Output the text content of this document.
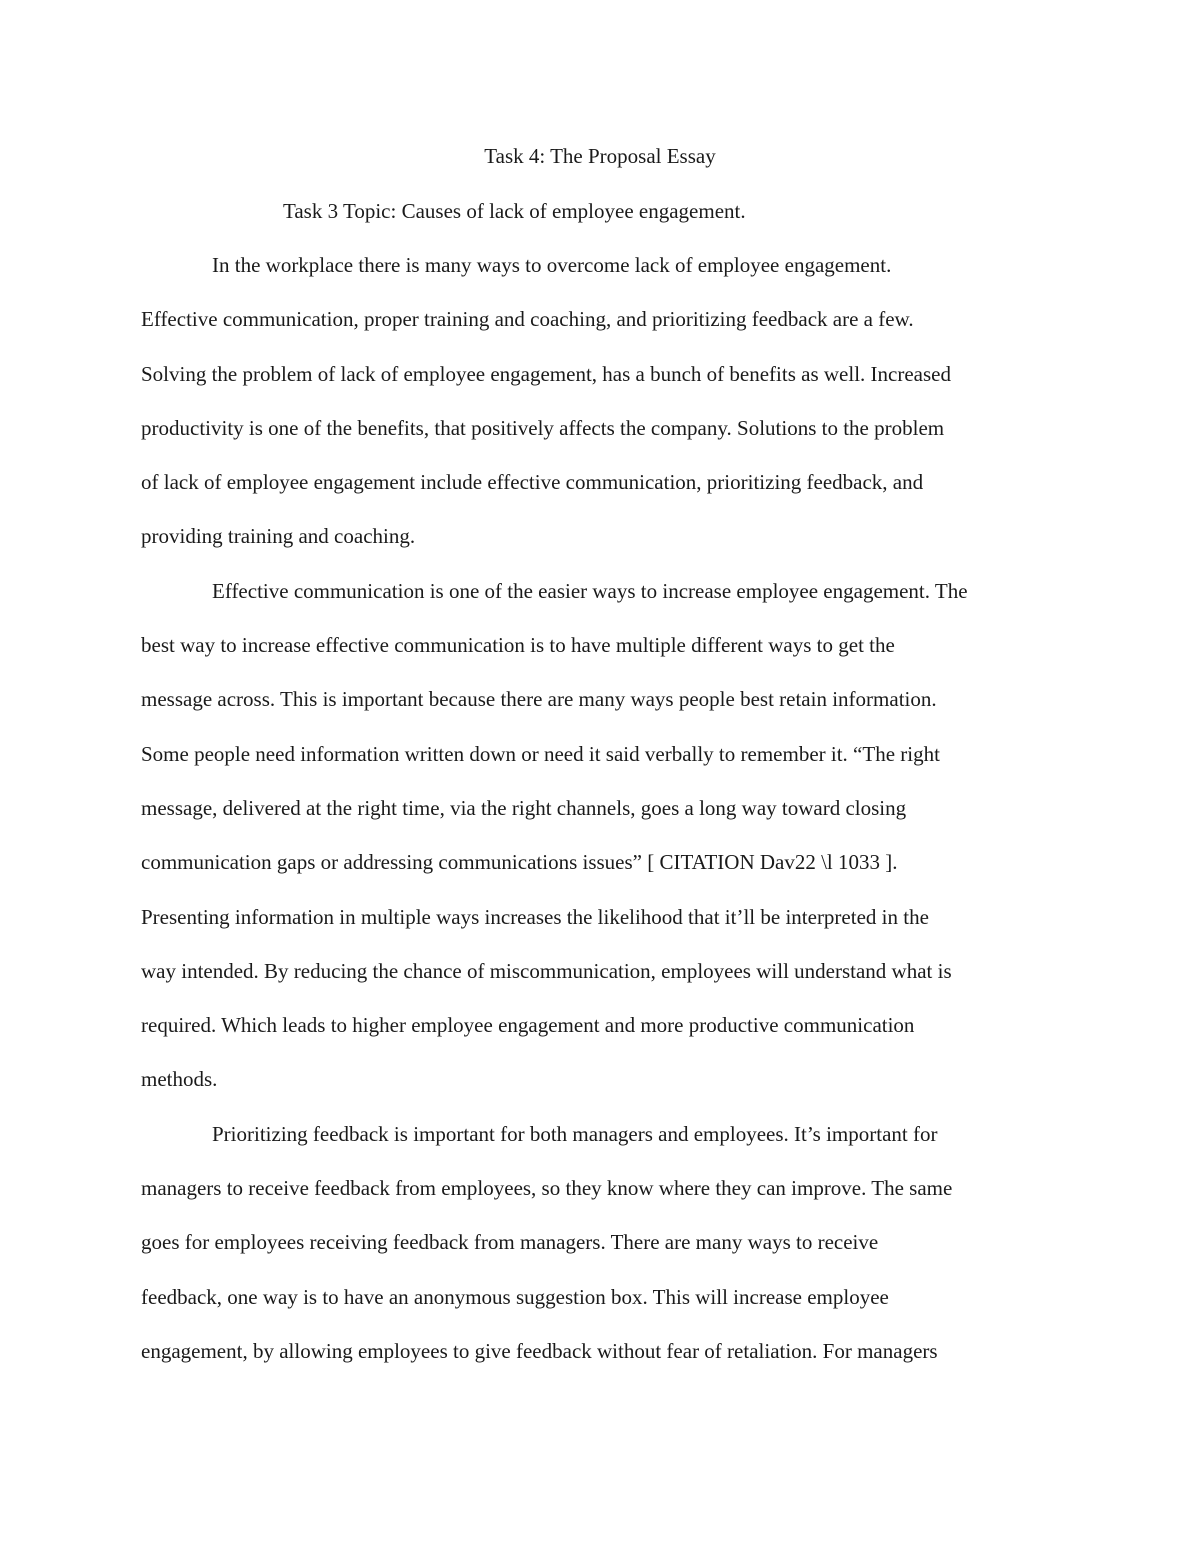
Task 4: The Proposal Essay
Task 3 Topic: Causes of lack of employee engagement.
In the workplace there is many ways to overcome lack of employee engagement.
Effective communication, proper training and coaching, and prioritizing feedback are a few.
Solving the problem of lack of employee engagement, has a bunch of benefits as well. Increased
productivity is one of the benefits, that positively affects the company. Solutions to the problem
of lack of employee engagement include effective communication, prioritizing feedback, and
providing training and coaching.
Effective communication is one of the easier ways to increase employee engagement. The
best way to increase effective communication is to have multiple different ways to get the
message across. This is important because there are many ways people best retain information.
Some people need information written down or need it said verbally to remember it. “The right
message, delivered at the right time, via the right channels, goes a long way toward closing
communication gaps or addressing communications issues” [ CITATION Dav22 \l 1033 ].
Presenting information in multiple ways increases the likelihood that it’ll be interpreted in the
way intended. By reducing the chance of miscommunication, employees will understand what is
required. Which leads to higher employee engagement and more productive communication
methods.
Prioritizing feedback is important for both managers and employees. It’s important for
managers to receive feedback from employees, so they know where they can improve. The same
goes for employees receiving feedback from managers. There are many ways to receive
feedback, one way is to have an anonymous suggestion box. This will increase employee
engagement, by allowing employees to give feedback without fear of retaliation. For managers
